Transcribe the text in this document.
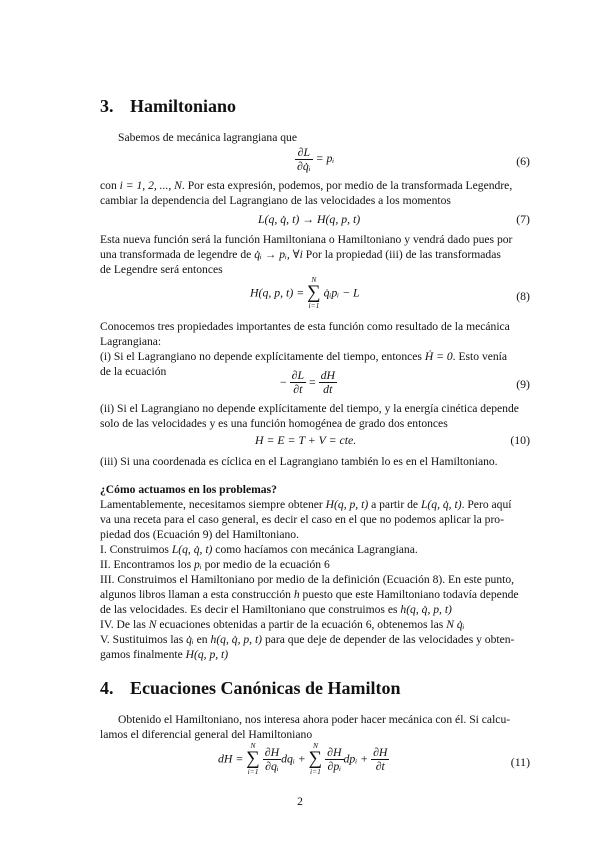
3. Hamiltoniano
Sabemos de mecánica lagrangiana que
$\frac{\partial L}{\text{∂q̇ᵢ}}$ = pᵢ	(6)
con i = 1, 2, ..., N. Por esta expresión, podemos, por medio de la transformada Legendre,
cambiar la dependencia del Lagrangiano de las velocidades a los momentos
L(q, q̇, t) → H(q, p, t)	(7)
Esta nueva función será la función Hamiltoniana o Hamiltoniano y vendrá dado pues por
una transformada de legendre de q̇ᵢ → pᵢ, ∀i Por la propiedad (iii) de las transformadas
de Legendre será entonces
H(q, p, t) =
N
∑
i=1
q̇ᵢpᵢ − L	(8)
Conocemos tres propiedades importantes de esta función como resultado de la mecánica
Lagrangiana:
(i) Si el Lagrangiano no depende explícitamente del tiempo, entonces Ḣ = 0. Esto venía
de la ecuación
− $\frac{\partial L}{\partial t} = \frac{dH}{dt}$	(9)
(ii) Si el Lagrangiano no depende explícitamente del tiempo, y la energía cinética depende
solo de las velocidades y es una función homogénea de grado dos entonces
H = E = T + V = cte.	(10)
(iii) Si una coordenada es cíclica en el Lagrangiano también lo es en el Hamiltoniano.
¿Cómo actuamos en los problemas?
Lamentablemente, necesitamos siempre obtener H(q, p, t) a partir de L(q, q̇, t). Pero aquí
va una receta para el caso general, es decir el caso en el que no podemos aplicar la pro-
piedad dos (Ecuación 9) del Hamiltoniano.
I. Construimos L(q, q̇, t) como hacíamos con mecánica Lagrangiana.
II. Encontramos los pᵢ por medio de la ecuación 6
III. Construimos el Hamiltoniano por medio de la definición (Ecuación 8). En este punto,
algunos libros llaman a esta construcción h puesto que este Hamiltoniano todavía depende
de las velocidades. Es decir el Hamiltoniano que construimos es h(q, q̇, p, t)
IV. De las N ecuaciones obtenidas a partir de la ecuación 6, obtenemos las N q̇ᵢ
V. Sustituimos las q̇ᵢ en h(q, q̇, p, t) para que deje de depender de las velocidades y obten-
gamos finalmente H(q, p, t)
4. Ecuaciones Canónicas de Hamilton
Obtenido el Hamiltoniano, nos interesa ahora poder hacer mecánica con él. Si calcu-
lamos el diferencial general del Hamiltoniano
dH =
N
∑
i=1
$\frac{\partial H}{\text{∂qᵢ}}$ dqᵢ +
N
∑
i=1
$\frac{\partial H}{\text{∂pᵢ}}$ dpᵢ + $\frac{\partial H}{\partial t}$	(11)
2
